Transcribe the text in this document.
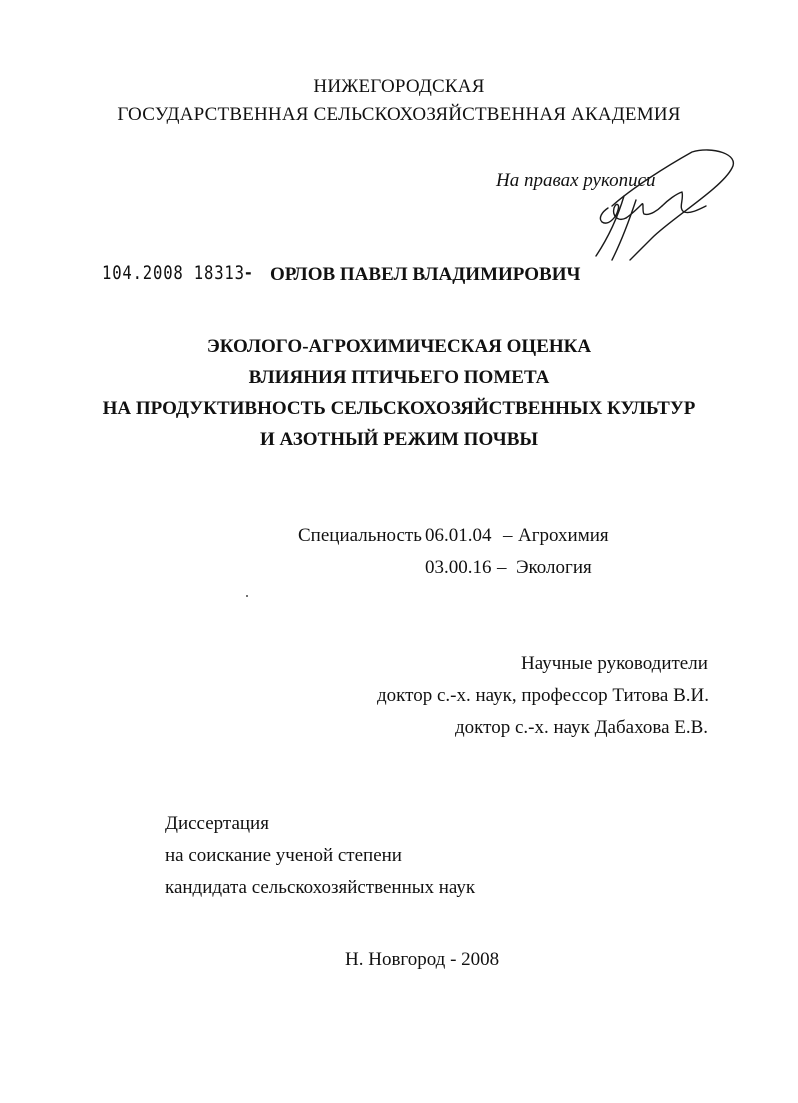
НИЖЕГОРОДСКАЯ
ГОСУДАРСТВЕННАЯ СЕЛЬСКОХОЗЯЙСТВЕННАЯ АКАДЕМИЯ
На правах рукописи
104.2008 18313 - ОРЛОВ ПАВЕЛ ВЛАДИМИРОВИЧ
ЭКОЛОГО-АГРОХИМИЧЕСКАЯ ОЦЕНКА
ВЛИЯНИЯ ПТИЧЬЕГО ПОМЕТА
НА ПРОДУКТИВНОСТЬ СЕЛЬСКОХОЗЯЙСТВЕННЫХ КУЛЬТУР
И АЗОТНЫЙ РЕЖИМ ПОЧВЫ
Специальность 06.01.04 – Агрохимия
03.00.16 – Экология
Научные руководители
доктор с.-х. наук, профессор Титова В.И.
доктор с.-х. наук Дабахова Е.В.
Диссертация
на соискание ученой степени
кандидата сельскохозяйственных наук
Н. Новгород - 2008
